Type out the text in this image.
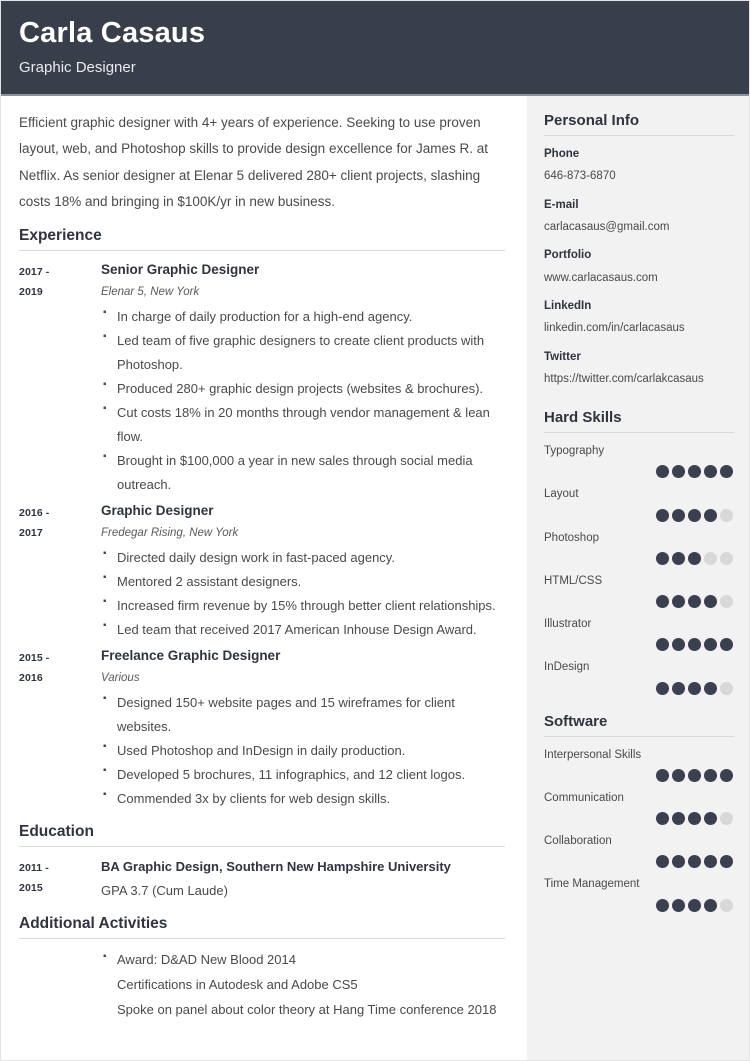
Carla Casaus
Graphic Designer

Efficient graphic designer with 4+ years of experience. Seeking to use proven layout, web, and Photoshop skills to provide design excellence for James R. at Netflix. As senior designer at Elenar 5 delivered 280+ client projects, slashing costs 18% and bringing in $100K/yr in new business.

Experience
2017 -
2019
Senior Graphic Designer
Elenar 5, New York
▪ In charge of daily production for a high-end agency.
▪ Led team of five graphic designers to create client products with Photoshop.
▪ Produced 280+ graphic design projects (websites & brochures).
▪ Cut costs 18% in 20 months through vendor management & lean flow.
▪ Brought in $100,000 a year in new sales through social media outreach.
2016 -
2017
Graphic Designer
Fredegar Rising, New York
▪ Directed daily design work in fast-paced agency.
▪ Mentored 2 assistant designers.
▪ Increased firm revenue by 15% through better client relationships.
▪ Led team that received 2017 American Inhouse Design Award.
2015 -
2016
Freelance Graphic Designer
Various
▪ Designed 150+ website pages and 15 wireframes for client websites.
▪ Used Photoshop and InDesign in daily production.
▪ Developed 5 brochures, 11 infographics, and 12 client logos.
▪ Commended 3x by clients for web design skills.
Education
2011 -
2015
BA Graphic Design, Southern New Hampshire University
GPA 3.7 (Cum Laude)
Additional Activities
▪ Award: D&AD New Blood 2014
Certifications in Autodesk and Adobe CS5
Spoke on panel about color theory at Hang Time conference 2018
Personal Info
Phone
646-873-6870
E-mail
carlacasaus@gmail.com
Portfolio
www.carlacasaus.com
LinkedIn
linkedin.com/in/carlacasaus
Twitter
https://twitter.com/carlakcasaus
Hard Skills
Typography
Layout
Photoshop
HTML/CSS
Illustrator
InDesign
Software
Interpersonal Skills
Communication
Collaboration
Time Management
